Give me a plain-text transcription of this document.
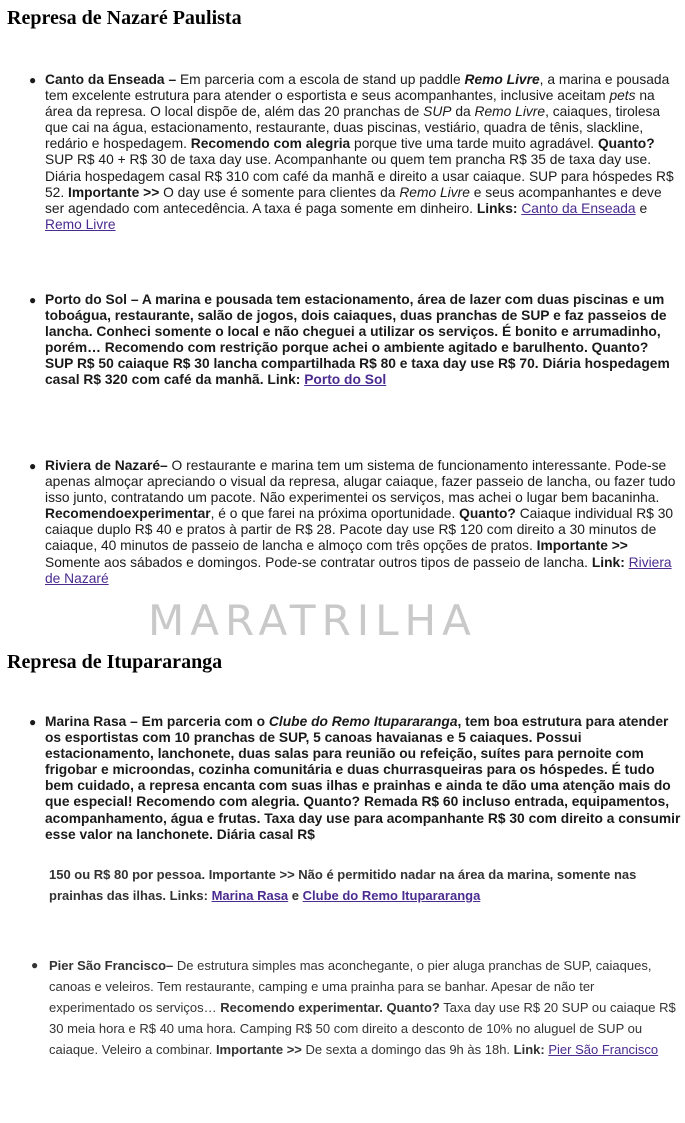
Represa de Nazaré Paulista
● Canto da Enseada – Em parceria com a escola de stand up paddle Remo Livre, a marina e pousada tem excelente estrutura para atender o esportista e seus acompanhantes, inclusive aceitam pets na área da represa. O local dispõe de, além das 20 pranchas de SUP da Remo Livre, caiaques, tirolesa que cai na água, estacionamento, restaurante, duas piscinas, vestiário, quadra de tênis, slackline, redário e hospedagem. Recomendo com alegria porque tive uma tarde muito agradável. Quanto? SUP R$ 40 + R$ 30 de taxa day use. Acompanhante ou quem tem prancha R$ 35 de taxa day use. Diária hospedagem casal R$ 310 com café da manhã e direito a usar caiaque. SUP para hóspedes R$ 52. Importante >> O day use é somente para clientes da Remo Livre e seus acompanhantes e deve ser agendado com antecedência. A taxa é paga somente em dinheiro. Links: Canto da Enseada e Remo Livre
● Porto do Sol – A marina e pousada tem estacionamento, área de lazer com duas piscinas e um toboágua, restaurante, salão de jogos, dois caiaques, duas pranchas de SUP e faz passeios de lancha. Conheci somente o local e não cheguei a utilizar os serviços. É bonito e arrumadinho, porém… Recomendo com restrição porque achei o ambiente agitado e barulhento. Quanto? SUP R$ 50 caiaque R$ 30 lancha compartilhada R$ 80 e taxa day use R$ 70. Diária hospedagem casal R$ 320 com café da manhã. Link: Porto do Sol
● Riviera de Nazaré– O restaurante e marina tem um sistema de funcionamento interessante. Pode-se apenas almoçar apreciando o visual da represa, alugar caiaque, fazer passeio de lancha, ou fazer tudo isso junto, contratando um pacote. Não experimentei os serviços, mas achei o lugar bem bacaninha. Recomendoexperimentar, é o que farei na próxima oportunidade. Quanto? Caiaque individual R$ 30 caiaque duplo R$ 40 e pratos à partir de R$ 28. Pacote day use R$ 120 com direito a 30 minutos de caiaque, 40 minutos de passeio de lancha e almoço com três opções de pratos. Importante >> Somente aos sábados e domingos. Pode-se contratar outros tipos de passeio de lancha. Link: Riviera de Nazaré
MARATRILHA
Represa de Itupararanga
● Marina Rasa – Em parceria com o Clube do Remo Itupararanga, tem boa estrutura para atender os esportistas com 10 pranchas de SUP, 5 canoas havaianas e 5 caiaques. Possui estacionamento, lanchonete, duas salas para reunião ou refeição, suítes para pernoite com frigobar e microondas, cozinha comunitária e duas churrasqueiras para os hóspedes. É tudo bem cuidado, a represa encanta com suas ilhas e prainhas e ainda te dão uma atenção mais do que especial! Recomendo com alegria. Quanto? Remada R$ 60 incluso entrada, equipamentos, acompanhamento, água e frutas. Taxa day use para acompanhante R$ 30 com direito a consumir esse valor na lanchonete. Diária casal R$
150 ou R$ 80 por pessoa. Importante >> Não é permitido nadar na área da marina, somente nas prainhas das ilhas. Links: Marina Rasa e Clube do Remo Itupararanga
● Pier São Francisco– De estrutura simples mas aconchegante, o pier aluga pranchas de SUP, caiaques, canoas e veleiros. Tem restaurante, camping e uma prainha para se banhar. Apesar de não ter experimentado os serviços… Recomendo experimentar. Quanto? Taxa day use R$ 20 SUP ou caiaque R$ 30 meia hora e R$ 40 uma hora. Camping R$ 50 com direito a desconto de 10% no aluguel de SUP ou caiaque. Veleiro a combinar. Importante >> De sexta a domingo das 9h às 18h. Link: Pier São Francisco
